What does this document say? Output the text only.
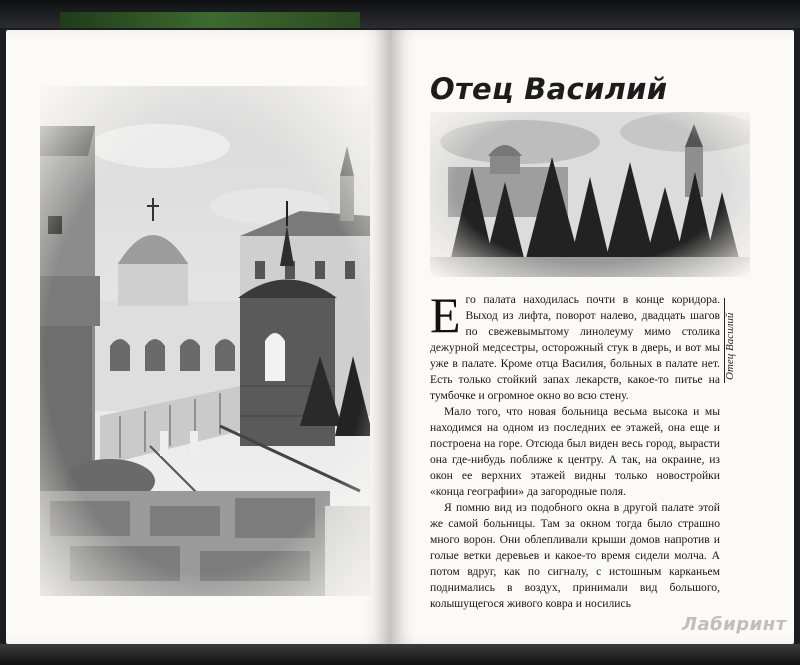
Отец Василий
Отец Василий

Его палата находилась почти в конце коридора. Выход из лифта, поворот налево, двадцать шагов по свежевымытому линолеуму мимо столика дежурной медсестры, осторожный стук в дверь, и вот мы уже в палате. Кроме отца Василия, больных в палате нет. Есть только стойкий запах лекарств, какое-то питье на тумбочке и огромное окно во всю стену.

Мало того, что новая больница весьма высока и мы находимся на одном из последних ее этажей, она еще и построена на горе. Отсюда был виден весь город, вырасти она где-нибудь поближе к центру. А так, на окраине, из окон ее верхних этажей видны только новостройки «конца географии» да загородные поля.

Я помню вид из подобного окна в другой палате этой же самой больницы. Там за окном тогда было страшно много ворон. Они облепливали крыши домов напротив и голые ветки деревьев и какое-то время сидели молча. А потом вдруг, как по сигналу, с истошным карканьем поднимались в воздух, принимали вид большого, колышущегося живого ковра и носились

Лабиринт
